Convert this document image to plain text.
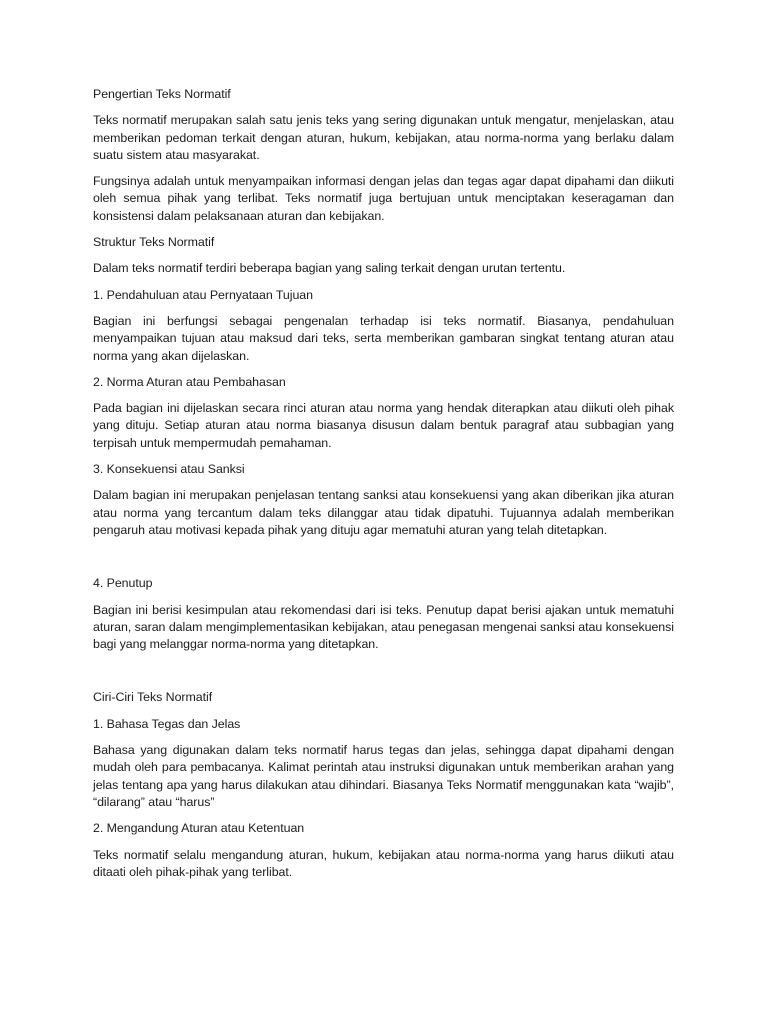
Pengertian Teks Normatif

Teks normatif merupakan salah satu jenis teks yang sering digunakan untuk mengatur, menjelaskan, atau memberikan pedoman terkait dengan aturan, hukum, kebijakan, atau norma-norma yang berlaku dalam suatu sistem atau masyarakat.

Fungsinya adalah untuk menyampaikan informasi dengan jelas dan tegas agar dapat dipahami dan diikuti oleh semua pihak yang terlibat. Teks normatif juga bertujuan untuk menciptakan keseragaman dan konsistensi dalam pelaksanaan aturan dan kebijakan.

Struktur Teks Normatif

Dalam teks normatif terdiri beberapa bagian yang saling terkait dengan urutan tertentu.

1. Pendahuluan atau Pernyataan Tujuan

Bagian ini berfungsi sebagai pengenalan terhadap isi teks normatif. Biasanya, pendahuluan menyampaikan tujuan atau maksud dari teks, serta memberikan gambaran singkat tentang aturan atau norma yang akan dijelaskan.

2. Norma Aturan atau Pembahasan

Pada bagian ini dijelaskan secara rinci aturan atau norma yang hendak diterapkan atau diikuti oleh pihak yang dituju. Setiap aturan atau norma biasanya disusun dalam bentuk paragraf atau subbagian yang terpisah untuk mempermudah pemahaman.

3. Konsekuensi atau Sanksi

Dalam bagian ini merupakan penjelasan tentang sanksi atau konsekuensi yang akan diberikan jika aturan atau norma yang tercantum dalam teks dilanggar atau tidak dipatuhi. Tujuannya adalah memberikan pengaruh atau motivasi kepada pihak yang dituju agar mematuhi aturan yang telah ditetapkan.

4. Penutup

Bagian ini berisi kesimpulan atau rekomendasi dari isi teks. Penutup dapat berisi ajakan untuk mematuhi aturan, saran dalam mengimplementasikan kebijakan, atau penegasan mengenai sanksi atau konsekuensi bagi yang melanggar norma-norma yang ditetapkan.

Ciri-Ciri Teks Normatif

1. Bahasa Tegas dan Jelas

Bahasa yang digunakan dalam teks normatif harus tegas dan jelas, sehingga dapat dipahami dengan mudah oleh para pembacanya. Kalimat perintah atau instruksi digunakan untuk memberikan arahan yang jelas tentang apa yang harus dilakukan atau dihindari. Biasanya Teks Normatif menggunakan kata “wajib”, “dilarang” atau “harus”

2. Mengandung Aturan atau Ketentuan

Teks normatif selalu mengandung aturan, hukum, kebijakan atau norma-norma yang harus diikuti atau ditaati oleh pihak-pihak yang terlibat.
